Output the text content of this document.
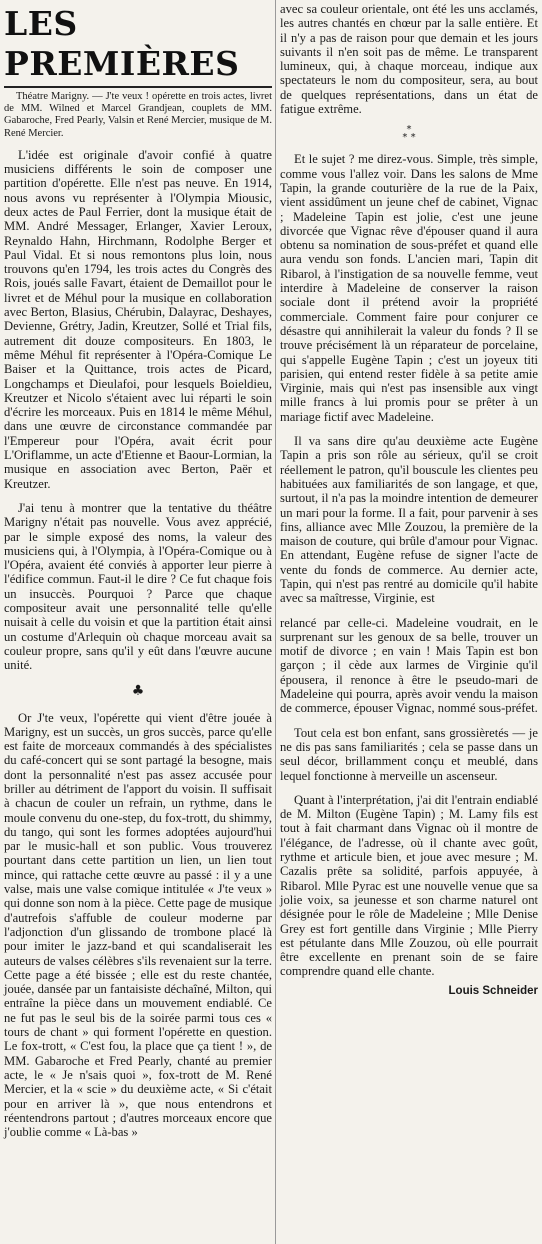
LES PREMIÈRES

Théatre Marigny. — J'te veux ! opérette en trois actes, livret de MM. Wilned et Marcel Grandjean, couplets de MM. Gabaroche, Fred Pearly, Valsin et René Mercier, musique de M. René Mercier.

L'idée est originale d'avoir confié à quatre musiciens différents le soin de composer une partition d'opérette. Elle n'est pas neuve. En 1914, nous avons vu représenter à l'Olympia Miousic, deux actes de Paul Ferrier, dont la musique était de MM. André Messager, Erlanger, Xavier Leroux, Reynaldo Hahn, Hirchmann, Rodolphe Berger et Paul Vidal. Et si nous remontons plus loin, nous trouvons qu'en 1794, les trois actes du Congrès des Rois, joués salle Favart, étaient de Demaillot pour le livret et de Méhul pour la musique en collaboration avec Berton, Blasius, Chérubin, Dalayrac, Deshayes, Devienne, Grétry, Jadin, Kreutzer, Sollé et Trial fils, autrement dit douze compositeurs. En 1803, le même Méhul fit représenter à l'Opéra-Comique Le Baiser et la Quittance, trois actes de Picard, Longchamps et Dieulafoi, pour lesquels Boieldieu, Kreutzer et Nicolo s'étaient avec lui réparti le soin d'écrire les morceaux. Puis en 1814 le même Méhul, dans une œuvre de circonstance commandée par l'Empereur pour l'Opéra, avait écrit pour L'Oriflamme, un acte d'Etienne et Baour-Lormian, la musique en association avec Berton, Paër et Kreutzer.

J'ai tenu à montrer que la tentative du théâtre Marigny n'était pas nouvelle. Vous avez apprécié, par le simple exposé des noms, la valeur des musiciens qui, à l'Olympia, à l'Opéra-Comique ou à l'Opéra, avaient été conviés à apporter leur pierre à l'édifice commun. Faut-il le dire ? Ce fut chaque fois un insuccès. Pourquoi ? Parce que chaque compositeur avait une personnalité telle qu'elle nuisait à celle du voisin et que la partition était ainsi un costume d'Arlequin où chaque morceau avait sa couleur propre, sans qu'il y eût dans l'œuvre aucune unité.

♣

Or J'te veux, l'opérette qui vient d'être jouée à Marigny, est un succès, un gros succès, parce qu'elle est faite de morceaux commandés à des spécialistes du café-concert qui se sont partagé la besogne, mais dont la personnalité n'est pas assez accusée pour briller au détriment de l'apport du voisin. Il suffisait à chacun de couler un refrain, un rythme, dans le moule convenu du one-step, du fox-trott, du shimmy, du tango, qui sont les formes adoptées aujourd'hui par le music-hall et son public. Vous trouverez pourtant dans cette partition un lien, un lien tout mince, qui rattache cette œuvre au passé : il y a une valse, mais une valse comique intitulée « J'te veux » qui donne son nom à la pièce. Cette page de musique d'autrefois s'affuble de couleur moderne par l'adjonction d'un glissando de trombone placé là pour imiter le jazz-band et qui scandaliserait les auteurs de valses célèbres s'ils revenaient sur la terre. Cette page a été bissée ; elle est du reste chantée, jouée, dansée par un fantaisiste déchaîné, Milton, qui entraîne la pièce dans un mouvement endiablé. Ce ne fut pas le seul bis de la soirée parmi tous ces « tours de chant » qui forment l'opérette en question. Le fox-trott, « C'est fou, la place que ça tient ! », de MM. Gabaroche et Fred Pearly, chanté au premier acte, le « Je n'sais quoi », fox-trott de M. René Mercier, et la « scie » du deuxième acte, « Si c'était pour en arriver là », que nous entendrons et réentendrons partout ; d'autres morceaux encore que j'oublie comme « Là-bas »

avec sa couleur orientale, ont été les uns acclamés, les autres chantés en chœur par la salle entière. Et il n'y a pas de raison pour que demain et les jours suivants il n'en soit pas de même. Le transparent lumineux, qui, à chaque morceau, indique aux spectateurs le nom du compositeur, sera, au bout de quelques représentations, dans un état de fatigue extrême.

*
* *

Et le sujet ? me direz-vous. Simple, très simple, comme vous l'allez voir. Dans les salons de Mme Tapin, la grande couturière de la rue de la Paix, vient assidûment un jeune chef de cabinet, Vignac ; Madeleine Tapin est jolie, c'est une jeune divorcée que Vignac rêve d'épouser quand il aura obtenu sa nomination de sous-préfet et quand elle aura vendu son fonds. L'ancien mari, Tapin dit Ribarol, à l'instigation de sa nouvelle femme, veut interdire à Madeleine de conserver la raison sociale dont il prétend avoir la propriété commerciale. Comment faire pour conjurer ce désastre qui annihilerait la valeur du fonds ? Il se trouve précisément là un réparateur de porcelaine, qui s'appelle Eugène Tapin ; c'est un joyeux titi parisien, qui entend rester fidèle à sa petite amie Virginie, mais qui n'est pas insensible aux vingt mille francs à lui promis pour se prêter à un mariage fictif avec Madeleine.

Il va sans dire qu'au deuxième acte Eugène Tapin a pris son rôle au sérieux, qu'il se croit réellement le patron, qu'il bouscule les clientes peu habituées aux familiarités de son langage, et que, surtout, il n'a pas la moindre intention de demeurer un mari pour la forme. Il a fait, pour parvenir à ses fins, alliance avec Mlle Zouzou, la première de la maison de couture, qui brûle d'amour pour Vignac. En attendant, Eugène refuse de signer l'acte de vente du fonds de commerce. Au dernier acte, Tapin, qui n'est pas rentré au domicile qu'il habite avec sa maîtresse, Virginie, est

relancé par celle-ci. Madeleine voudrait, en le surprenant sur les genoux de sa belle, trouver un motif de divorce ; en vain ! Mais Tapin est bon garçon ; il cède aux larmes de Virginie qu'il épousera, il renonce à être le pseudo-mari de Madeleine qui pourra, après avoir vendu la maison de commerce, épouser Vignac, nommé sous-préfet.

Tout cela est bon enfant, sans grossièretés — je ne dis pas sans familiarités ; cela se passe dans un seul décor, brillamment conçu et meublé, dans lequel fonctionne à merveille un ascenseur.

Quant à l'interprétation, j'ai dit l'entrain endiablé de M. Milton (Eugène Tapin) ; M. Lamy fils est tout à fait charmant dans Vignac où il montre de l'élégance, de l'adresse, où il chante avec goût, rythme et articule bien, et joue avec mesure ; M. Cazalis prête sa solidité, parfois appuyée, à Ribarol. Mlle Pyrac est une nouvelle venue que sa jolie voix, sa jeunesse et son charme naturel ont désignée pour le rôle de Madeleine ; Mlle Denise Grey est fort gentille dans Virginie ; Mlle Pierry est pétulante dans Mlle Zouzou, où elle pourrait être excellente en prenant soin de se faire comprendre quand elle chante.

Louis Schneider
